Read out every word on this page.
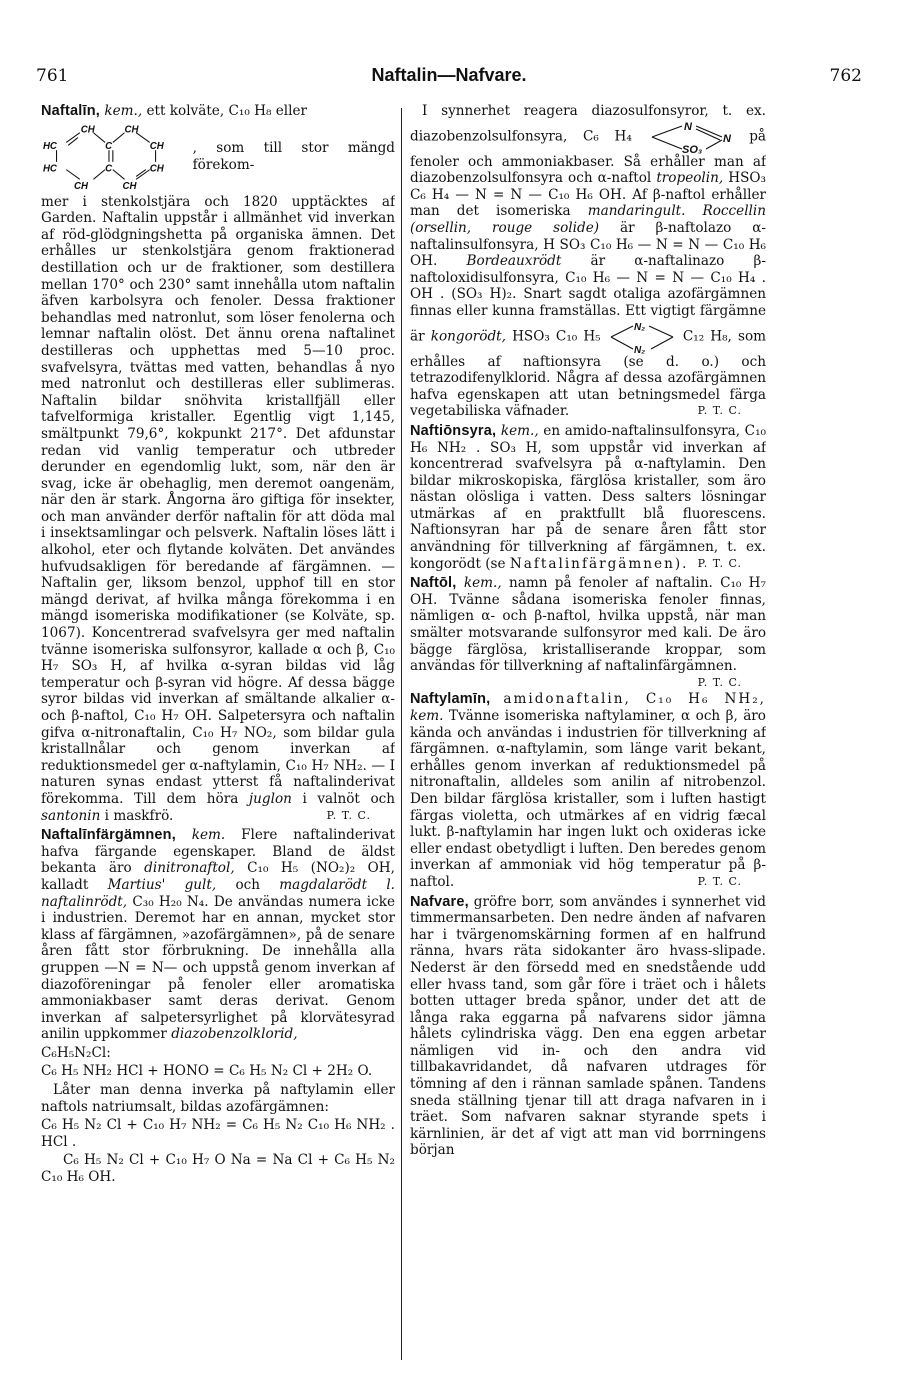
761	Naftalin—Nafvare.	762

Naftalīn, kem., ett kolväte, C₁₀ H₈ eller

CH	CH
HC	C	CH
HC	C	CH
CH	CH
, som till stor mängd förekom-

mer i stenkolstjära och 1820 upptäcktes af Garden. Naftalin uppstår i allmänhet vid inverkan af röd-glödgningshetta på organiska ämnen. Det erhålles ur stenkolstjära genom fraktionerad destillation och ur de fraktioner, som destillera mellan 170° och 230° samt innehålla utom naftalin äfven karbolsyra och fenoler. Dessa fraktioner behandlas med natronlut, som löser fenolerna och lemnar naftalin olöst. Det ännu orena naftalinet destilleras och upphettas med 5—10 proc. svafvelsyra, tvättas med vatten, behandlas å nyo med natronlut och destilleras eller sublimeras. Naftalin bildar snöhvita kristallfjäll eller tafvelformiga kristaller. Egentlig vigt 1,145, smältpunkt 79,6°, kokpunkt 217°. Det afdunstar redan vid vanlig temperatur och utbreder derunder en egendomlig lukt, som, när den är svag, icke är obehaglig, men deremot oangenäm, när den är stark. Ångorna äro giftiga för insekter, och man använder derför naftalin för att döda mal i insektsamlingar och pelsverk. Naftalin löses lätt i alkohol, eter och flytande kolväten. Det användes hufvudsakligen för beredande af färgämnen. — Naftalin ger, liksom benzol, upphof till en stor mängd derivat, af hvilka många förekomma i en mängd isomeriska modifikationer (se Kolväte, sp. 1067). Koncentrerad svafvelsyra ger med naftalin tvänne isomeriska sulfonsyror, kallade α och β, C₁₀ H₇ SO₃ H, af hvilka α-syran bildas vid låg temperatur och β-syran vid högre. Af dessa bägge syror bildas vid inverkan af smältande alkalier α- och β-naftol, C₁₀ H₇ OH. Salpetersyra och naftalin gifva α-nitronaftalin, C₁₀ H₇ NO₂, som bildar gula kristallnålar och genom inverkan af reduktionsmedel ger α-naftylamin, C₁₀ H₇ NH₂. — I naturen synas endast ytterst få naftalinderivat förekomma. Till dem höra juglon i valnöt och santonin i maskfrö.	P. T. C.

Naftalīnfärgämnen, kem. Flere naftalinderivat hafva färgande egenskaper. Bland de äldst bekanta äro dinitronaftol, C₁₀ H₅ (NO₂)₂ OH, kalladt Martius' gult, och magdalarödt l. naftalinrödt, C₃₀ H₂₀ N₄. De användas numera icke i industrien. Deremot har en annan, mycket stor klass af färgämnen, »azofärgämnen», på de senare åren fått stor förbrukning. De innehålla alla gruppen —N = N— och uppstå genom inverkan af diazoföreningar på fenoler eller aromatiska ammoniakbaser samt deras derivat. Genom inverkan af salpetersyrlighet på klorvätesyrad anilin uppkommer diazobenzolklorid,

C₆H₅N₂Cl:
C₆ H₅ NH₂ HCl + HONO = C₆ H₅ N₂ Cl + 2H₂ O.

Låter man denna inverka på naftylamin eller naftols natriumsalt, bildas azofärgämnen:

C₆ H₅ N₂ Cl + C₁₀ H₇ NH₂ = C₆ H₅ N₂ C₁₀ H₆ NH₂ . HCl .
C₆ H₅ N₂ Cl + C₁₀ H₇ O Na = Na Cl + C₆ H₅ N₂ C₁₀ H₆ OH.

I synnerhet reagera diazosulfonsyror, t. ex. diazobenzolsulfonsyra, C₆ H₄
N
N
SO₃
på fenoler och ammoniakbaser. Så erhåller man af diazobenzolsulfonsyra och α-naftol tropeolin, HSO₃ C₆ H₄ — N = N — C₁₀ H₆ OH. Af β-naftol erhåller man det isomeriska mandaringult. Roccellin (orsellin, rouge solide) är β-naftolazo α-naftalinsulfonsyra, H SO₃ C₁₀ H₆ — N = N — C₁₀ H₆ OH. Bordeauxrödt är α-naftalinazo β-naftoloxidisulfonsyra, C₁₀ H₆ — N = N — C₁₀ H₄ . OH . (SO₃ H)₂. Snart sagdt otaliga azofärgämnen finnas eller kunna framställas. Ett vigtigt färgämne är kongorödt, HSO₃ C₁₀ H₅
N₂
N₂
C₁₂ H₈, som erhålles af naftionsyra (se d. o.) och tetrazodifenylklorid. Några af dessa azofärgämnen hafva egenskapen att utan betningsmedel färga vegetabiliska väfnader.	P. T. C.

Naftiōnsyra, kem., en amido-naftalinsulfonsyra, C₁₀ H₆ NH₂ . SO₃ H, som uppstår vid inverkan af koncentrerad svafvelsyra på α-naftylamin. Den bildar mikroskopiska, färglösa kristaller, som äro nästan olösliga i vatten. Dess salters lösningar utmärkas af en praktfullt blå fluorescens. Naftionsyran har på de senare åren fått stor användning för tillverkning af färgämnen, t. ex. kongorödt (se Naftalinfärgämnen). P. T. C.

Naftōl, kem., namn på fenoler af naftalin. C₁₀ H₇ OH. Tvänne sådana isomeriska fenoler finnas, nämligen α- och β-naftol, hvilka uppstå, när man smälter motsvarande sulfonsyror med kali. De äro bägge färglösa, kristalliserande kroppar, som användas för tillverkning af naftalinfärgämnen.
P. T. C.

Naftylamīn, amidonaftalin, C₁₀ H₆ NH₂, kem. Tvänne isomeriska naftylaminer, α och β, äro kända och användas i industrien för tillverkning af färgämnen. α-naftylamin, som länge varit bekant, erhålles genom inverkan af reduktionsmedel på nitronaftalin, alldeles som anilin af nitrobenzol. Den bildar färglösa kristaller, som i luften hastigt färgas violetta, och utmärkes af en vidrig fæcal lukt. β-naftylamin har ingen lukt och oxideras icke eller endast obetydligt i luften. Den beredes genom inverkan af ammoniak vid hög temperatur på β-naftol.	P. T. C.

Nafvare, gröfre borr, som användes i synnerhet vid timmermansarbeten. Den nedre änden af nafvaren har i tvärgenomskärning formen af en halfrund ränna, hvars räta sidokanter äro hvass-slipade. Nederst är den försedd med en snedstående udd eller hvass tand, som går före i träet och i hålets botten uttager breda spånor, under det att de långa raka eggarna på nafvarens sidor jämna hålets cylindriska vägg. Den ena eggen arbetar nämligen vid in- och den andra vid tillbakavridandet, då nafvaren utdrages för tömning af den i rännan samlade spånen. Tandens sneda ställning tjenar till att draga nafvaren in i träet. Som nafvaren saknar styrande spets i kärnlinien, är det af vigt att man vid borrningens början
